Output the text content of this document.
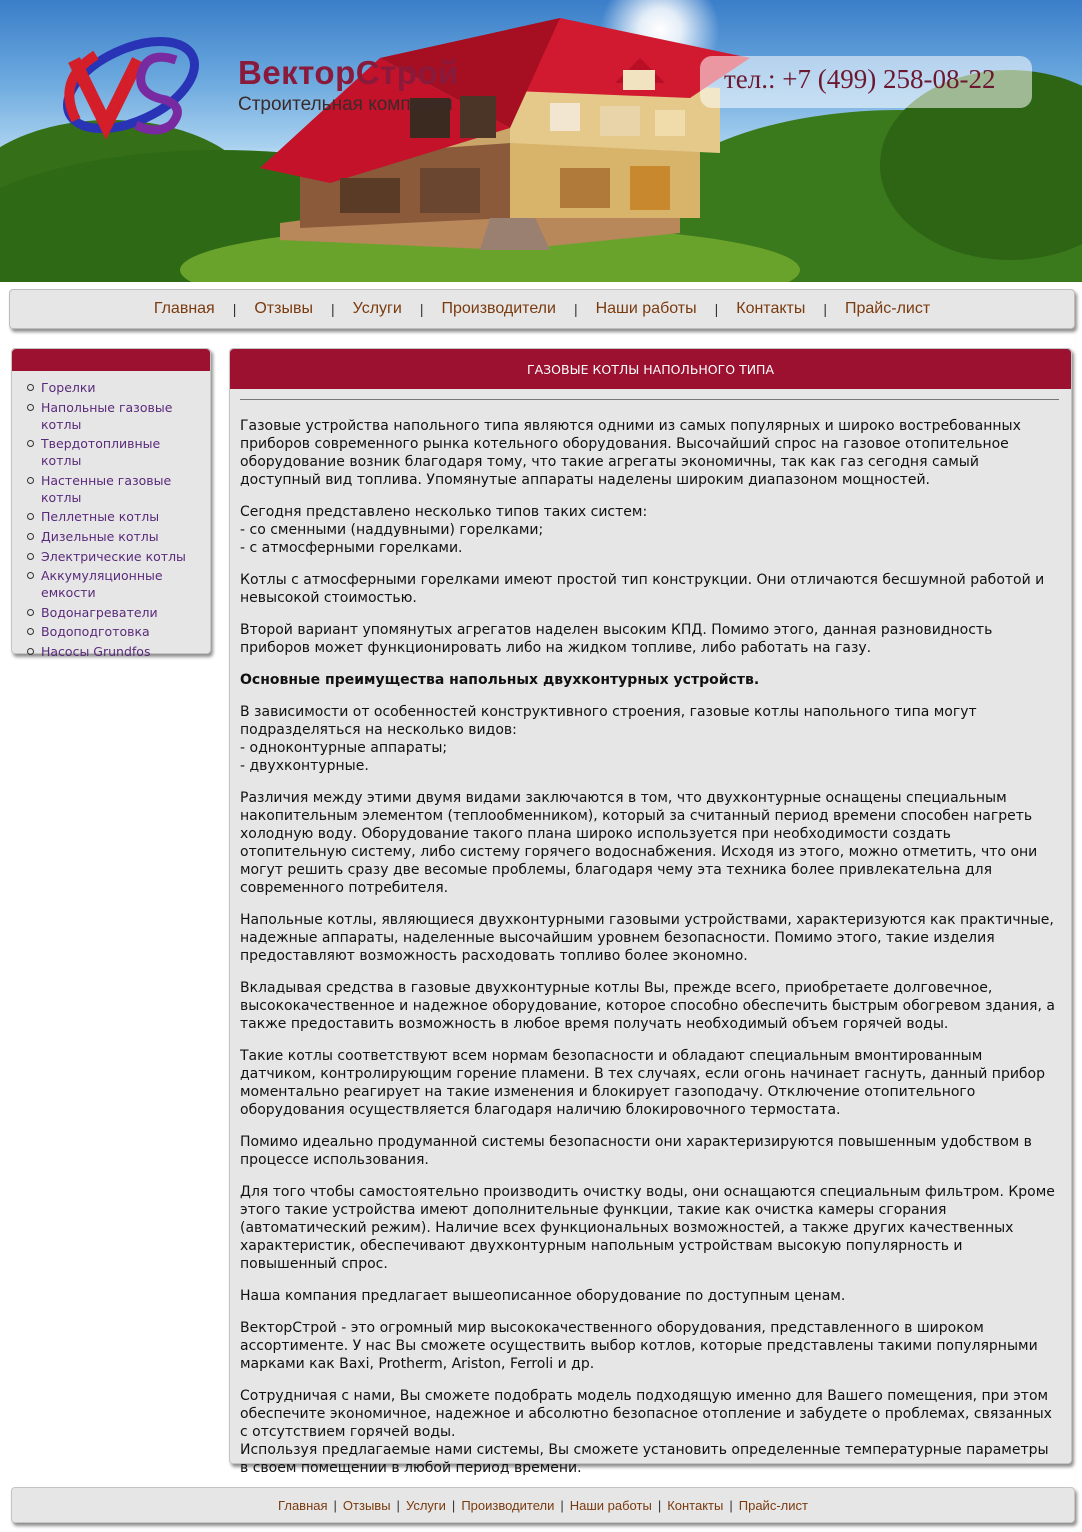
ВекторСтрой
Строительная компания
тел.: +7 (499) 258-08-22
Главная | Отзывы | Услуги | Производители | Наши работы | Контакты | Прайс-лист
Горелки
Напольные газовые котлы
Твердотопливные котлы
Настенные газовые котлы
Пеллетные котлы
Дизельные котлы
Электрические котлы
Аккумуляционные емкости
Водонагреватели
Водоподготовка
Насосы Grundfos
ГАЗОВЫЕ КОТЛЫ НАПОЛЬНОГО ТИПА

Газовые устройства напольного типа являются одними из самых популярных и широко востребованных приборов современного рынка котельного оборудования. Высочайший спрос на газовое отопительное оборудование возник благодаря тому, что такие агрегаты экономичны, так как газ сегодня самый доступный вид топлива. Упомянутые аппараты наделены широким диапазоном мощностей.

Сегодня представлено несколько типов таких систем:
- со сменными (наддувными) горелками;
- с атмосферными горелками.

Котлы с атмосферными горелками имеют простой тип конструкции. Они отличаются бесшумной работой и невысокой стоимостью.

Второй вариант упомянутых агрегатов наделен высоким КПД. Помимо этого, данная разновидность приборов может функционировать либо на жидком топливе, либо работать на газу.

Основные преимущества напольных двухконтурных устройств.

В зависимости от особенностей конструктивного строения, газовые котлы напольного типа могут подразделяться на несколько видов:
- одноконтурные аппараты;
- двухконтурные.

Различия между этими двумя видами заключаются в том, что двухконтурные оснащены специальным накопительным элементом (теплообменником), который за считанный период времени способен нагреть холодную воду. Оборудование такого плана широко используется при необходимости создать отопительную систему, либо систему горячего водоснабжения. Исходя из этого, можно отметить, что они могут решить сразу две весомые проблемы, благодаря чему эта техника более привлекательна для современного потребителя.

Напольные котлы, являющиеся двухконтурными газовыми устройствами, характеризуются как практичные, надежные аппараты, наделенные высочайшим уровнем безопасности. Помимо этого, такие изделия предоставляют возможность расходовать топливо более экономно.

Вкладывая средства в газовые двухконтурные котлы Вы, прежде всего, приобретаете долговечное, высококачественное и надежное оборудование, которое способно обеспечить быстрым обогревом здания, а также предоставить возможность в любое время получать необходимый объем горячей воды.

Такие котлы соответствуют всем нормам безопасности и обладают специальным вмонтированным датчиком, контролирующим горение пламени. В тех случаях, если огонь начинает гаснуть, данный прибор моментально реагирует на такие изменения и блокирует газоподачу. Отключение отопительного оборудования осуществляется благодаря наличию блокировочного термостата.

Помимо идеально продуманной системы безопасности они характеризируются повышенным удобством в процессе использования.

Для того чтобы самостоятельно производить очистку воды, они оснащаются специальным фильтром. Кроме этого такие устройства имеют дополнительные функции, такие как очистка камеры сгорания (автоматический режим). Наличие всех функциональных возможностей, а также других качественных характеристик, обеспечивают двухконтурным напольным устройствам высокую популярность и повышенный спрос.

Наша компания предлагает вышеописанное оборудование по доступным ценам.

ВекторСтрой - это огромный мир высококачественного оборудования, представленного в широком ассортименте. У нас Вы сможете осуществить выбор котлов, которые представлены такими популярными марками как Baxi, Protherm, Ariston, Ferroli и др.

Сотрудничая с нами, Вы сможете подобрать модель подходящую именно для Вашего помещения, при этом обеспечите экономичное, надежное и абсолютно безопасное отопление и забудете о проблемах, связанных с отсутствием горячей воды.
Используя предлагаемые нами системы, Вы сможете установить определенные температурные параметры в своем помещении в любой период времени.

Главная | Отзывы | Услуги | Производители | Наши работы | Контакты | Прайс-лист
